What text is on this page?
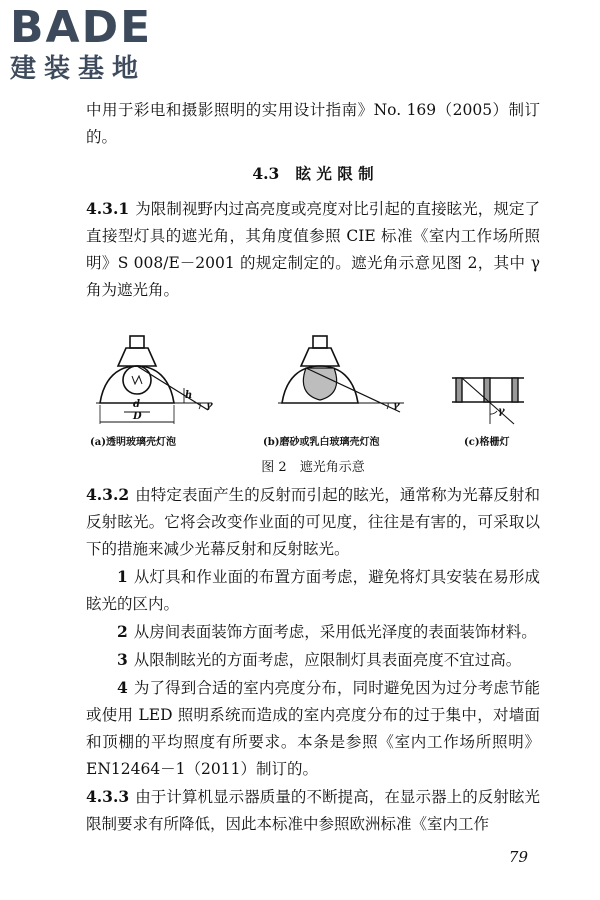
BADE
建装基地

中用于彩电和摄影照明的实用设计指南》No. 169（2005）制订的。

4.3 眩 光 限 制

4.3.1 为限制视野内过高亮度或亮度对比引起的直接眩光，规定了直接型灯具的遮光角，其角度值参照 CIE 标准《室内工作场所照明》S 008/E－2001 的规定制定的。遮光角示意见图 2，其中 γ 角为遮光角。

h
d
D
γ	γ
γ
(a)透明玻璃壳灯泡	(b)磨砂或乳白玻璃壳灯泡	(c)格栅灯
图 2　遮光角示意

4.3.2 由特定表面产生的反射而引起的眩光，通常称为光幕反射和反射眩光。它将会改变作业面的可见度，往往是有害的，可采取以下的措施来减少光幕反射和反射眩光。

1 从灯具和作业面的布置方面考虑，避免将灯具安装在易形成眩光的区内。

2 从房间表面装饰方面考虑，采用低光泽度的表面装饰材料。

3 从限制眩光的方面考虑，应限制灯具表面亮度不宜过高。

4 为了得到合适的室内亮度分布，同时避免因为过分考虑节能或使用 LED 照明系统而造成的室内亮度分布的过于集中，对墙面和顶棚的平均照度有所要求。本条是参照《室内工作场所照明》EN12464－1（2011）制订的。

4.3.3 由于计算机显示器质量的不断提高，在显示器上的反射眩光限制要求有所降低，因此本标准中参照欧洲标准《室内工作

79
